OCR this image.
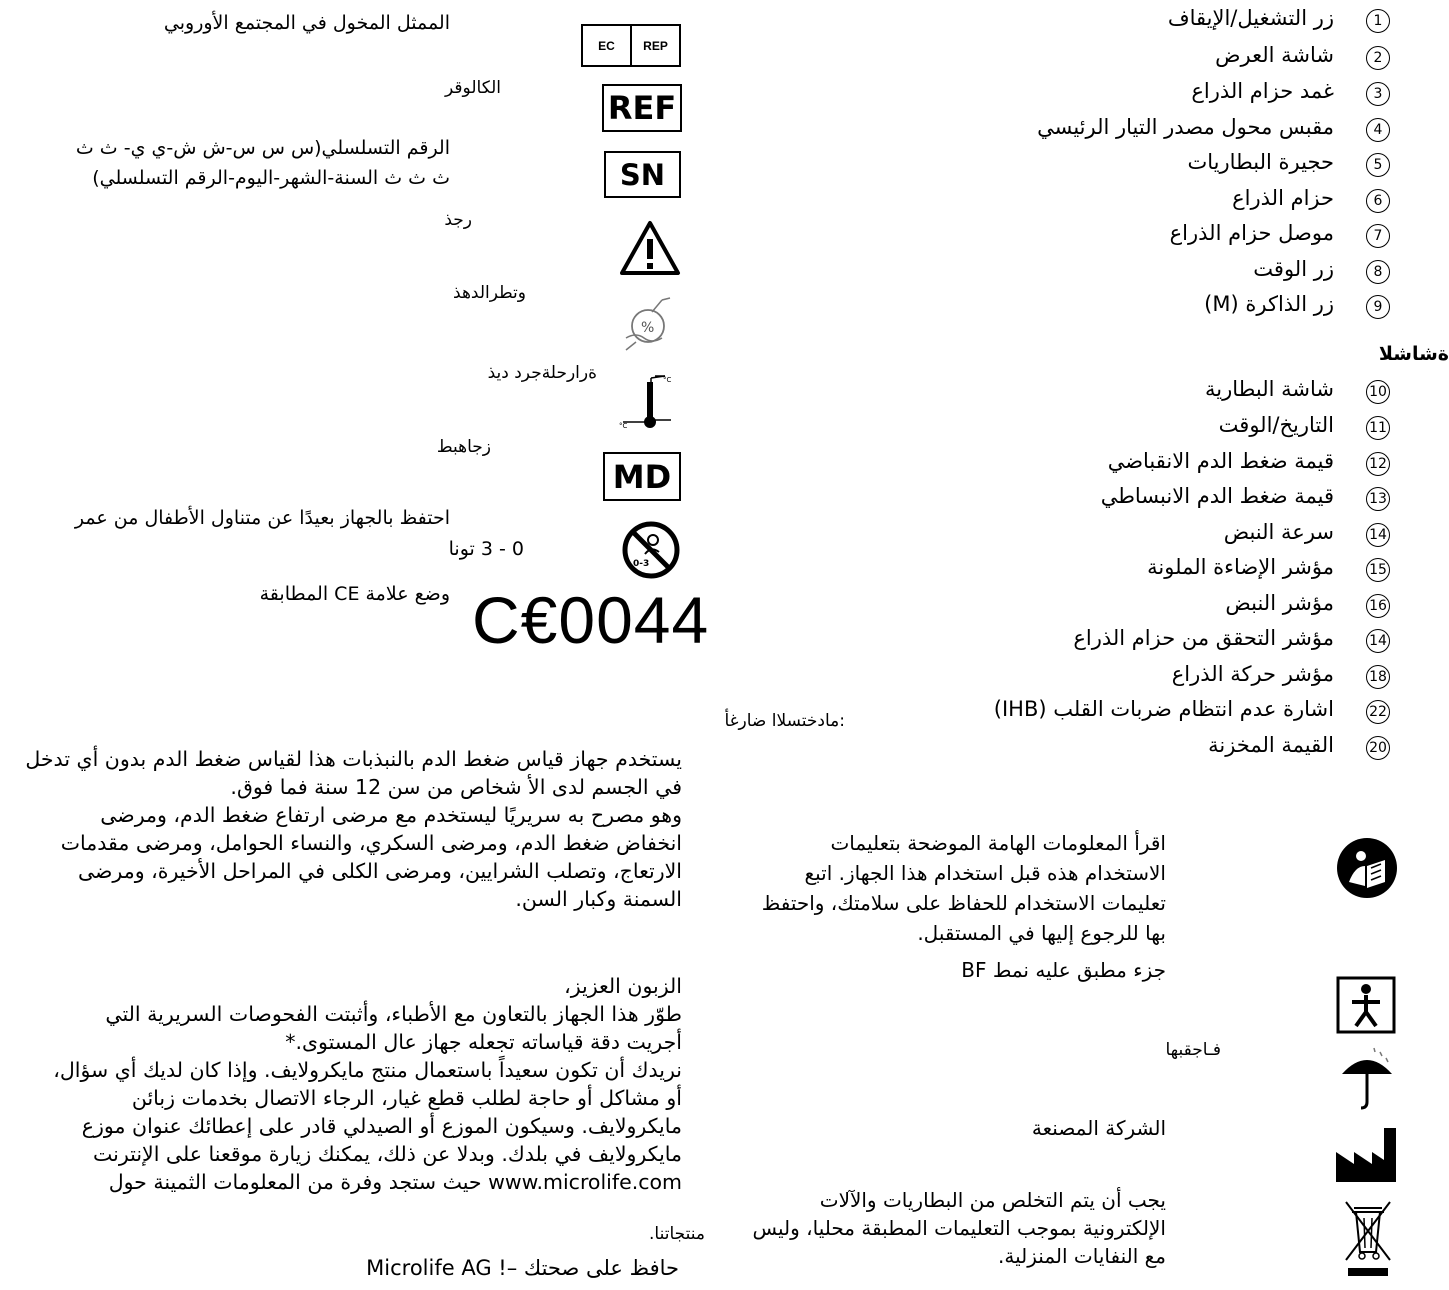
1
زر التشغيل/الإيقاف
2
شاشة العرض
3
غمد حزام الذراع
4
مقبس محول مصدر التيار الرئيسي
5
حجيرة البطاريات
6
حزام الذراع
7
موصل حزام الذراع
8
زر الوقت
9
زر الذاكرة (M)
ةشاشلا
10
شاشة البطارية
11
التاريخ/الوقت
12
قيمة ضغط الدم الانقباضي
13
قيمة ضغط الدم الانبساطي
14
سرعة النبض
15
مؤشر الإضاءة الملونة
16
مؤشر النبض
14
مؤشر التحقق من حزام الذراع
18
مؤشر حركة الذراع
22
اشارة عدم انتظام ضربات القلب (IHB)
20
القيمة المخزنة
EC	REP
الممثل المخول في المجتمع الأوروبي
REF
الكالوقر
SN
الرقم التسلسلي(س س س-ش ش-ي ي- ث ث
ث ث ث السنة-الشهر-اليوم-الرقم التسلسلي)
رجذ
%
وتطرالدهذ
°C
°C
ةرارحلةجرد ديذ
MD
زجاهبط
0-3
احتفظ بالجهاز بعيدًا عن متناول الأطفال من عمر
0 - 3 تونا
C€0044
وضع علامة CE المطابقة
:مادختسلاا ضارغأ
يستخدم جهاز قياس ضغط الدم بالنبذبات هذا لقياس ضغط الدم بدون أي تدخل
في الجسم لدى الأ شخاص من سن 12 سنة فما فوق.
وهو مصرح به سريريًا ليستخدم مع مرضى ارتفاع ضغط الدم، ومرضى
انخفاض ضغط الدم، ومرضى السكري، والنساء الحوامل، ومرضى مقدمات
الارتعاج، وتصلب الشرايين، ومرضى الكلى في المراحل الأخيرة، ومرضى
السمنة وكبار السن.
الزبون العزيز،
طوّر هذا الجهاز بالتعاون مع الأطباء، وأثبتت الفحوصات السريرية التي
أجريت دقة قياساته تجعله جهاز عال المستوى.*
نريدك أن تكون سعيداً باستعمال منتج مايكرولايف. وإذا كان لديك أي سؤال،
أو مشاكل أو حاجة لطلب قطع غيار، الرجاء الاتصال بخدمات زبائن
مايكرولايف. وسيكون الموزع أو الصيدلي قادر على إعطائك عنوان موزع
مايكرولايف في بلدك. وبدلا عن ذلك، يمكنك زيارة موقعنا على الإنترنت
www.microlife.com حيث ستجد وفرة من المعلومات الثمينة حول
منتجاتنا.
حافظ على صحتك –! Microlife AG
اقرأ المعلومات الهامة الموضحة بتعليمات
الاستخدام هذه قبل استخدام هذا الجهاز. اتبع
تعليمات الاستخدام للحفاظ على سلامتك، واحتفظ
بها للرجوع إليها في المستقبل.
جزء مطبق عليه نمط BF
فـاجقبها
الشركة المصنعة
يجب أن يتم التخلص من البطاريات والآلات
الإلكترونية بموجب التعليمات المطبقة محليا، وليس
مع النفايات المنزلية.
